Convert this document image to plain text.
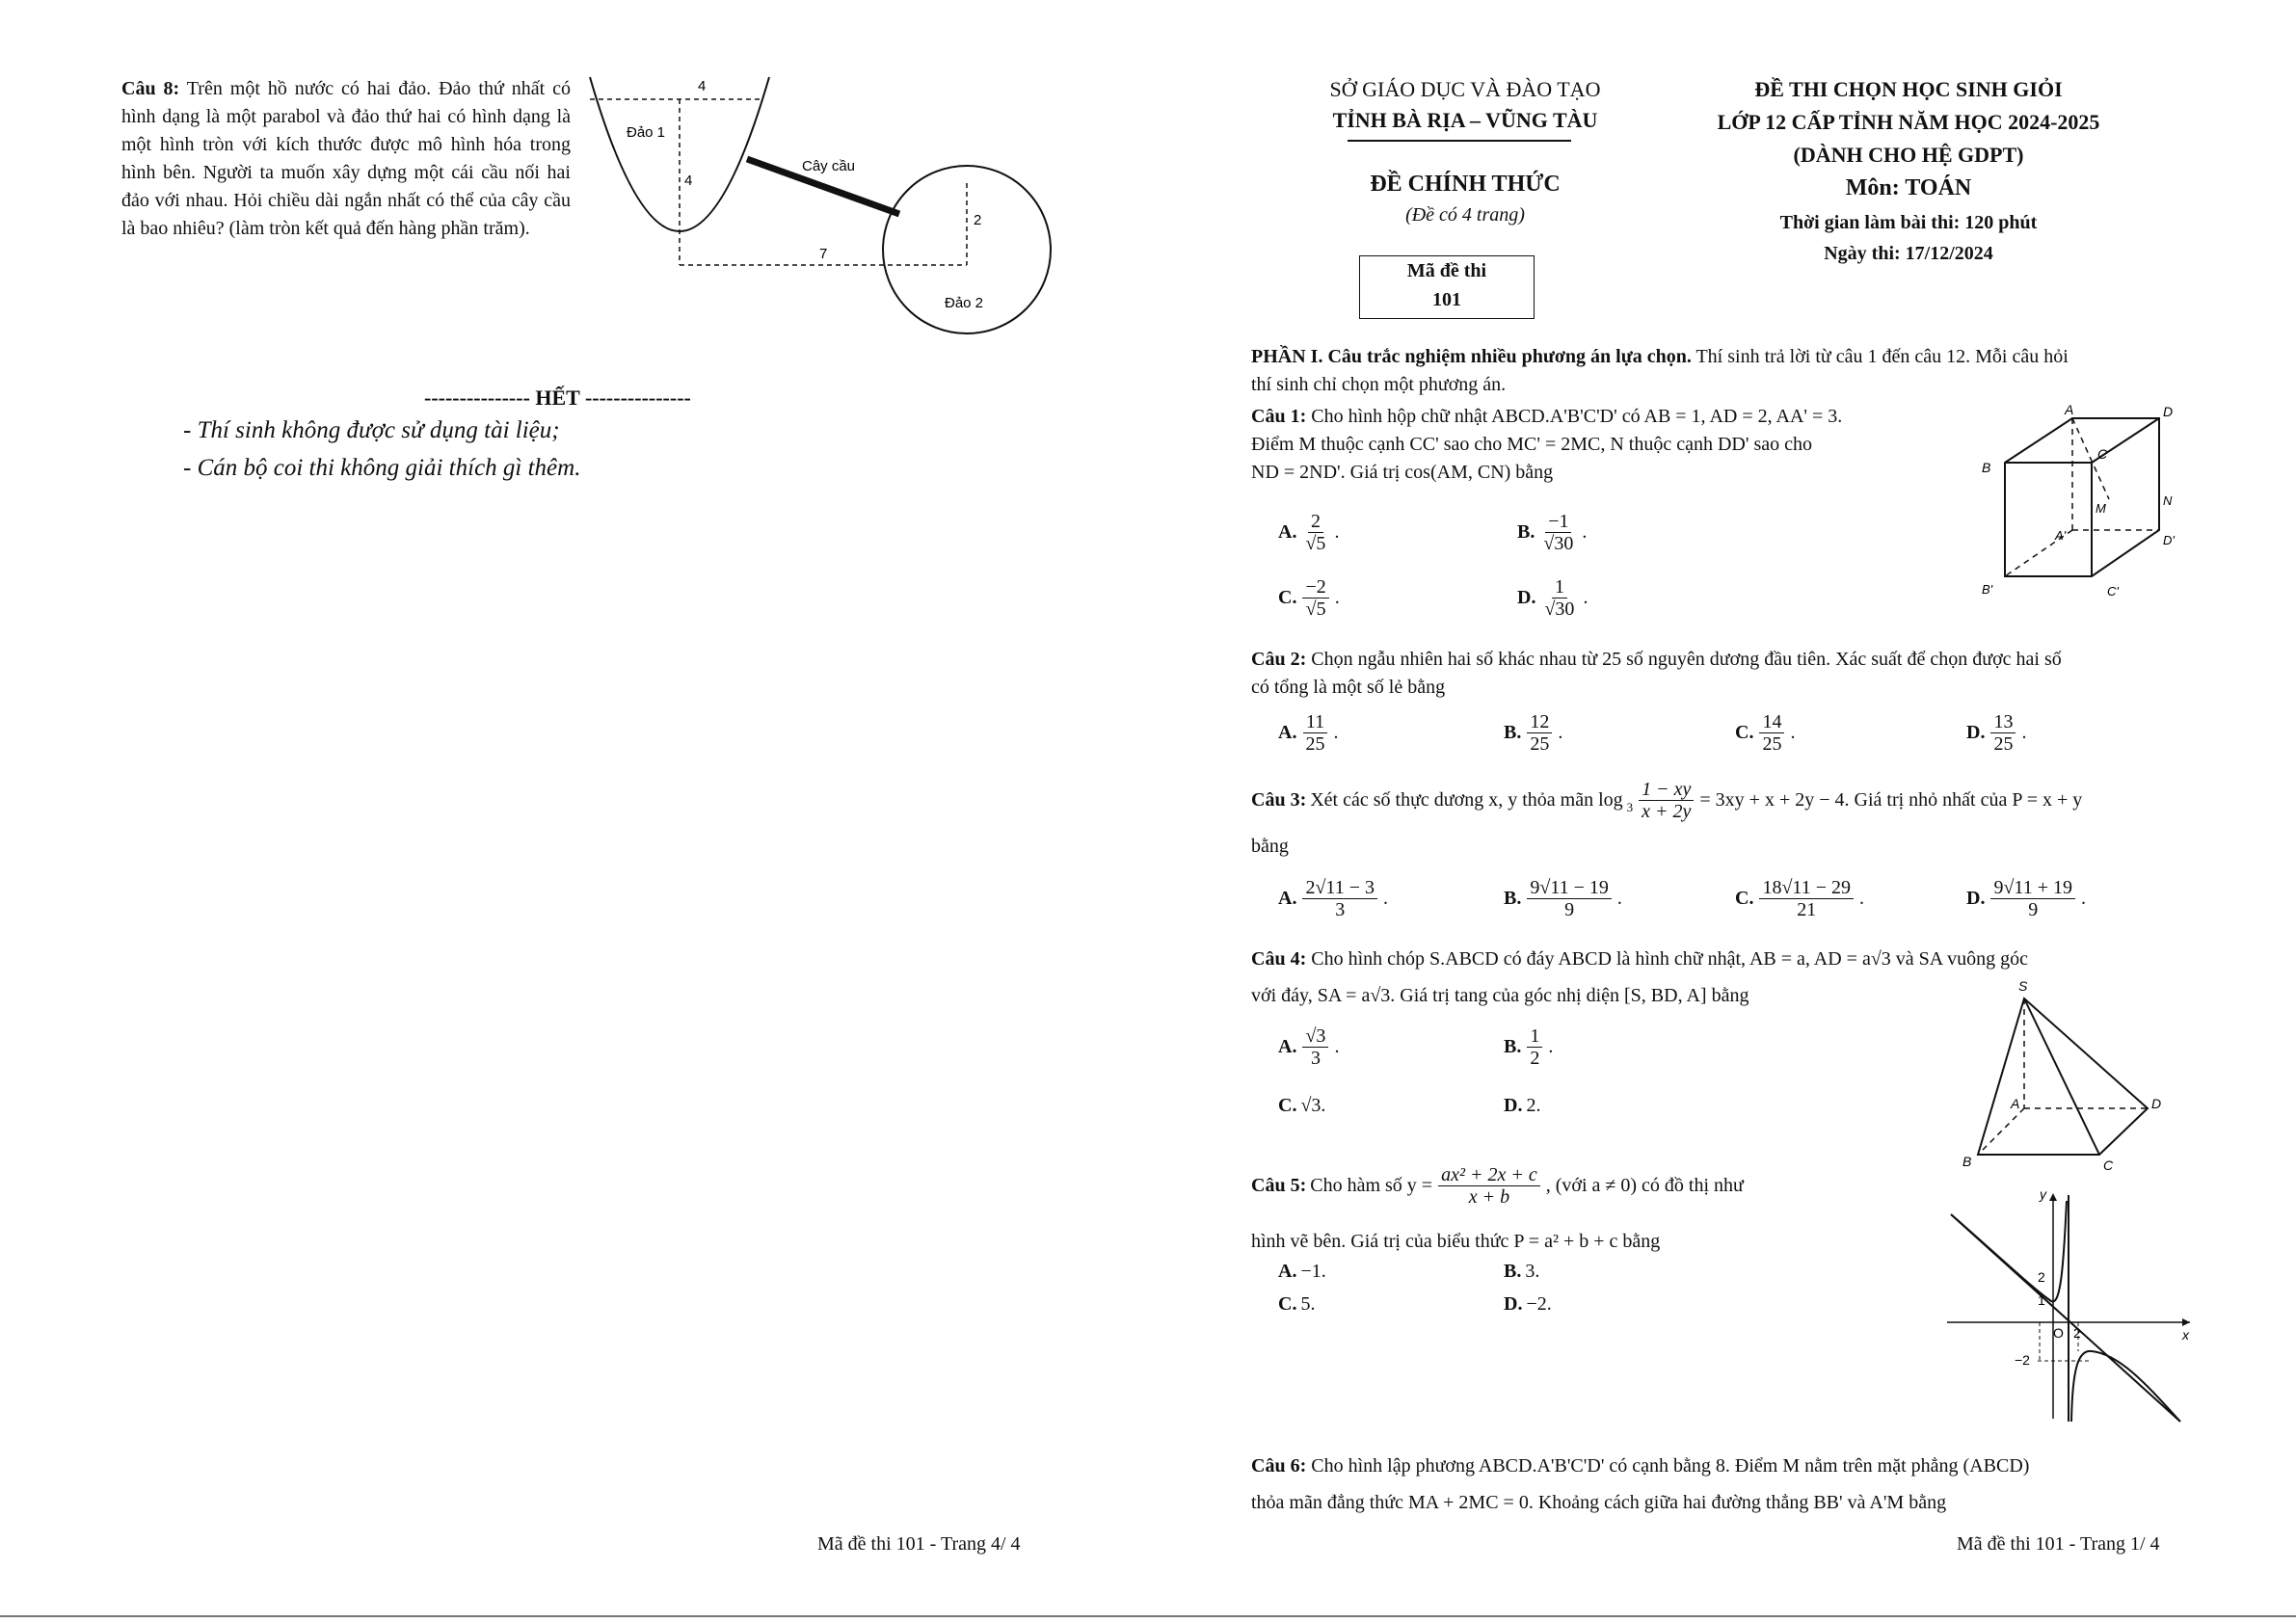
Câu 8: Trên một hồ nước có hai đảo. Đảo thứ nhất có hình dạng là một parabol và đảo thứ hai có hình dạng là một hình tròn với kích thước được mô hình hóa trong hình bên. Người ta muốn xây dựng một cái cầu nối hai đảo với nhau. Hỏi chiều dài ngắn nhất có thể của cây cầu là bao nhiêu? (làm tròn kết quả đến hàng phần trăm).
4
4
7
2
Đảo 1
Đảo 2
Cây cầu
--------------- HẾT ---------------
- Thí sinh không được sử dụng tài liệu;
- Cán bộ coi thi không giải thích gì thêm.
Mã đề thi 101 - Trang 4/ 4
SỞ GIÁO DỤC VÀ ĐÀO TẠO
TỈNH BÀ RỊA – VŨNG TÀU
ĐỀ CHÍNH THỨC
(Đề có 4 trang)
Mã đề thi
101
ĐỀ THI CHỌN HỌC SINH GIỎI
LỚP 12 CẤP TỈNH NĂM HỌC 2024-2025
(DÀNH CHO HỆ GDPT)
Môn: TOÁN
Thời gian làm bài thi: 120 phút
Ngày thi: 17/12/2024
PHẦN I. Câu trắc nghiệm nhiều phương án lựa chọn. Thí sinh trả lời từ câu 1 đến câu 12. Mỗi câu hỏi
thí sinh chỉ chọn một phương án.
Câu 1: Cho hình hộp chữ nhật ABCD.A'B'C'D' có AB = 1, AD = 2, AA' = 3.
Điểm M thuộc cạnh CC' sao cho MC' = 2MC, N thuộc cạnh DD' sao cho
ND = 2ND'. Giá trị cos(AM, CN) bằng
A. $\frac{2}{√5}$ .	B. $\frac{-1}{√30}$ .
C. $\frac{-2}{√5}$ .	D. $\frac{1}{√30}$ .
A	D
B
C
M
N
A'	D'
B'	C'
Câu 2: Chọn ngẫu nhiên hai số khác nhau từ 25 số nguyên dương đầu tiên. Xác suất để chọn được hai số
có tổng là một số lẻ bằng
A. $\frac{11}{25}$ .	B. $\frac{12}{25}$ .	C. $\frac{14}{25}$ .	D. $\frac{13}{25}$ .
Câu 3: Xét các số thực dương x, y thỏa mãn $\log _3 \frac{1 - xy}{x + 2y} = 3xy + x + 2y - 4$. Giá trị nhỏ nhất của P = x + y
bằng
A. $\frac{2√11 - 3}{3}$ .	B. $\frac{9√11 - 19}{9}$ .	C. $\frac{18√11 - 29}{21}$ .	D. $\frac{9√11 + 19}{9}$ .
Câu 4: Cho hình chóp S.ABCD có đáy ABCD là hình chữ nhật, AB = a, AD = a√3 và SA vuông góc
với đáy, SA = a√3. Giá trị tang của góc nhị diện [S, BD, A] bằng
A. $\frac{√3}{3}$ .	B. $\frac{1}{2}$ .
C. √3.	D. 2.
S
A	D
B	C
Câu 5: Cho hàm số $y = \frac{\text{ax² + 2x + c}}{x + b}$ , (với a ≠ 0) có đồ thị như
hình vẽ bên. Giá trị của biểu thức P = a² + b + c bằng
A. −1.	B. 3.
C. 5.	D. −2.
y
x
O
2
1
−2
2
Câu 6: Cho hình lập phương ABCD.A'B'C'D' có cạnh bằng 8. Điểm M nằm trên mặt phẳng (ABCD)
thỏa mãn đẳng thức MA + 2MC = 0. Khoảng cách giữa hai đường thẳng BB' và A'M bằng
Mã đề thi 101 - Trang 1/ 4
